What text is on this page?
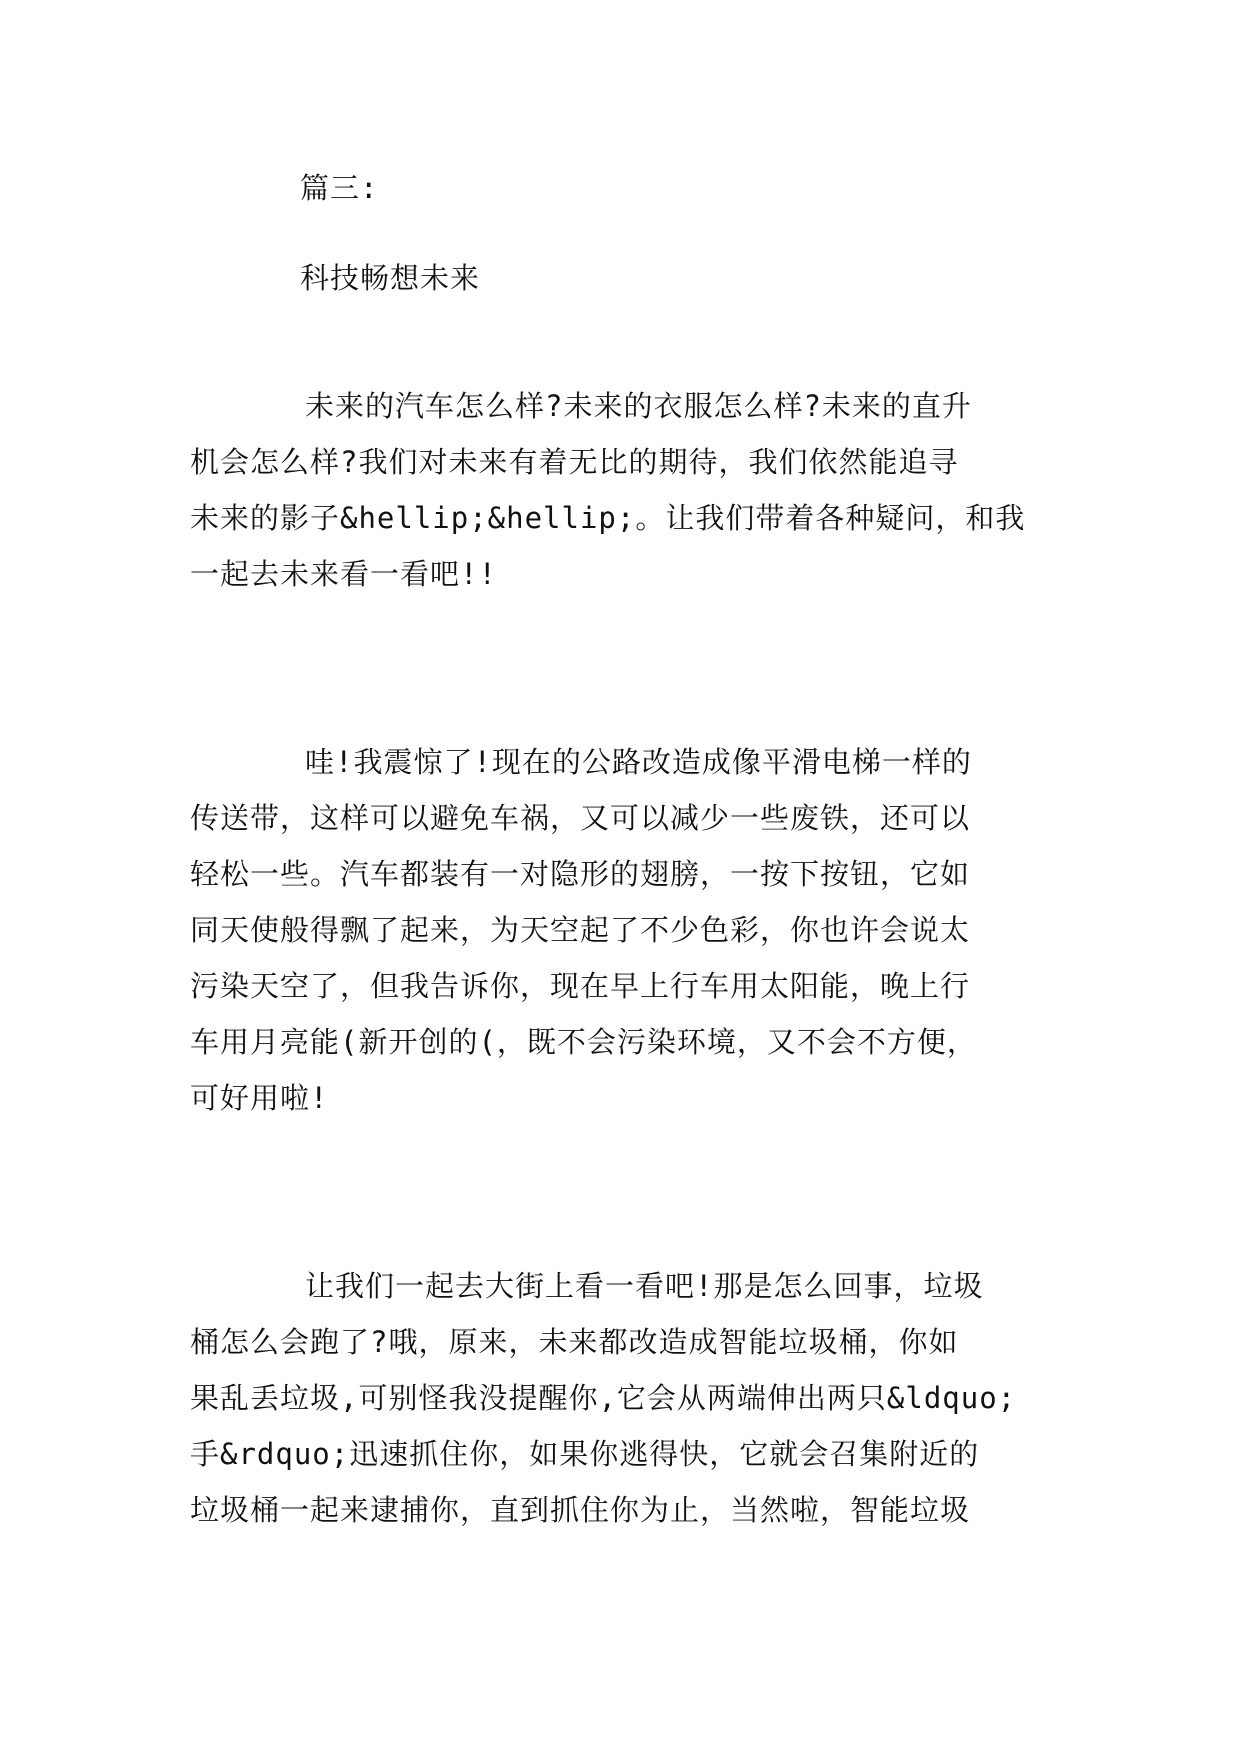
篇三:
科技畅想未来
未来的汽车怎么样?未来的衣服怎么样?未来的直升
机会怎么样?我们对未来有着无比的期待，我们依然能追寻
未来的影子&hellip;&hellip;。让我们带着各种疑问，和我
一起去未来看一看吧!!
哇!我震惊了!现在的公路改造成像平滑电梯一样的
传送带，这样可以避免车祸，又可以减少一些废铁，还可以
轻松一些。汽车都装有一对隐形的翅膀，一按下按钮，它如
同天使般得飘了起来，为天空起了不少色彩，你也许会说太
污染天空了，但我告诉你，现在早上行车用太阳能，晚上行
车用月亮能(新开创的(，既不会污染环境，又不会不方便，
可好用啦!
让我们一起去大街上看一看吧!那是怎么回事，垃圾
桶怎么会跑了?哦，原来，未来都改造成智能垃圾桶，你如
果乱丢垃圾,可别怪我没提醒你,它会从两端伸出两只&ldquo;
手&rdquo;迅速抓住你，如果你逃得快，它就会召集附近的
垃圾桶一起来逮捕你，直到抓住你为止，当然啦，智能垃圾
